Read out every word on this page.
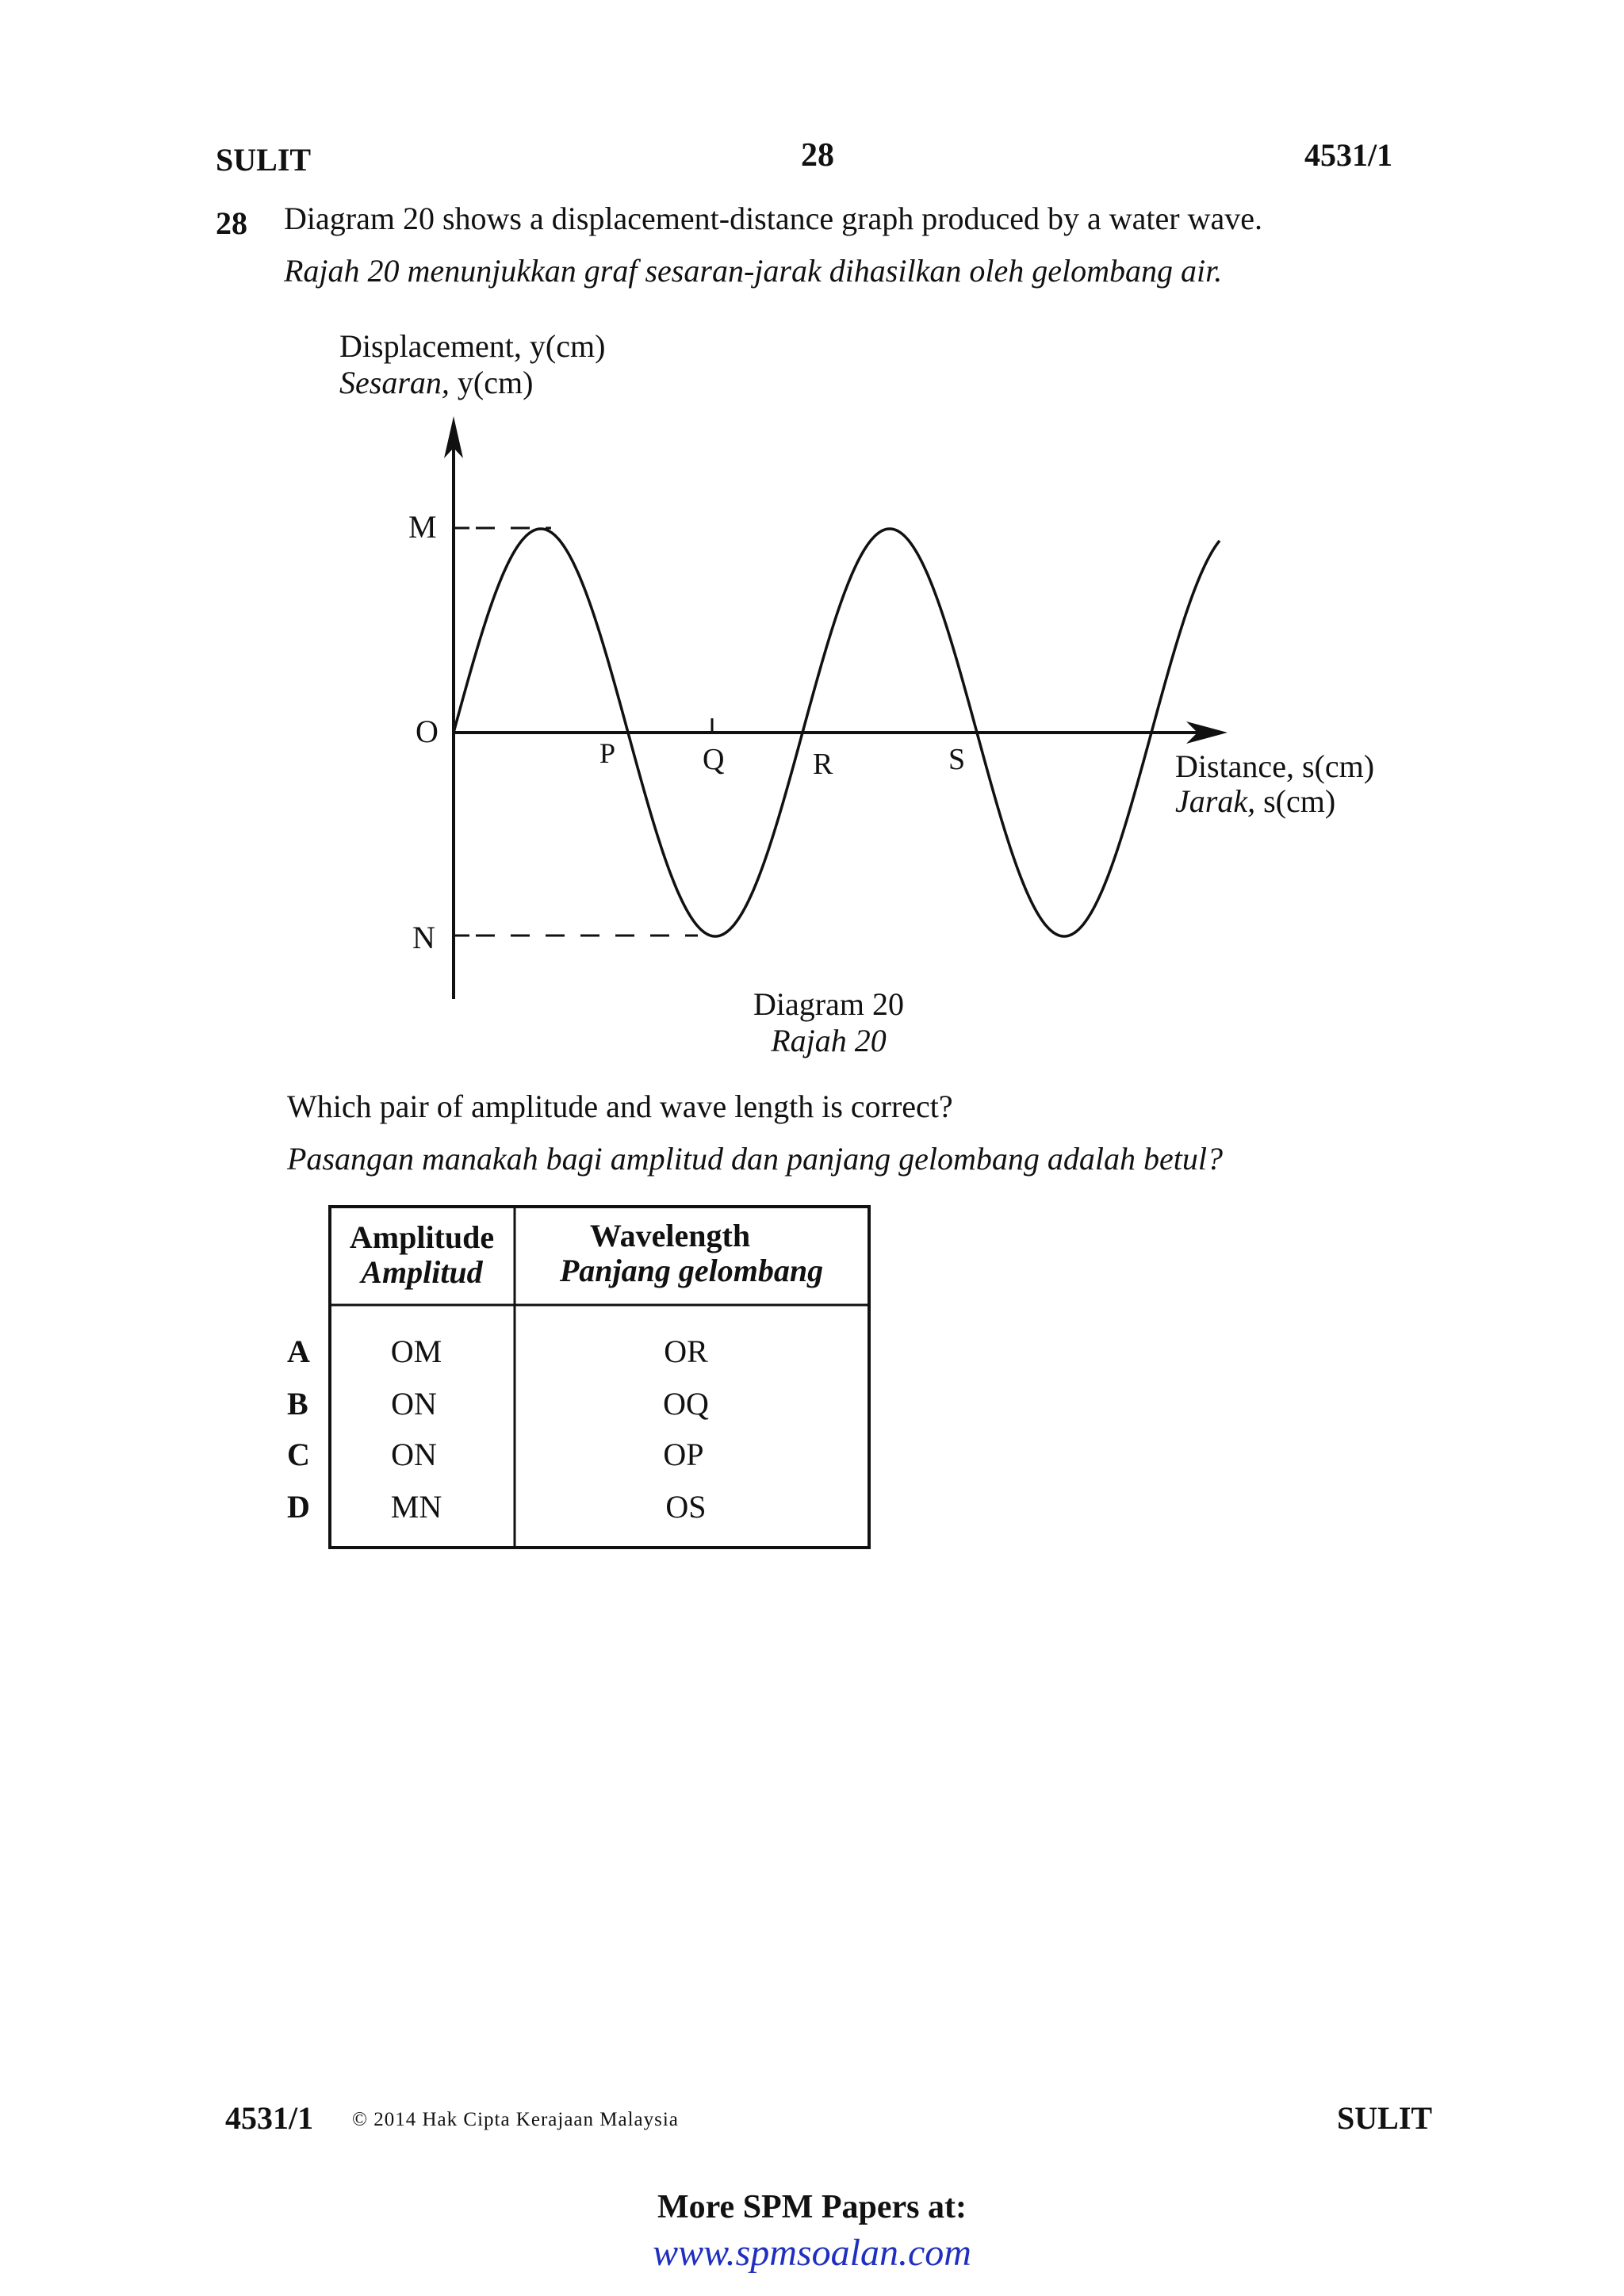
SULIT	28	4531/1
28 Diagram 20 shows a displacement-distance graph produced by a water wave.
Rajah 20 menunjukkan graf sesaran-jarak dihasilkan oleh gelombang air.
Displacement, y(cm)
Sesaran, y(cm)
M
O
N
P	Q	R	S	Distance, s(cm)
Jarak, s(cm)
Diagram 20
Rajah 20
Which pair of amplitude and wave length is correct?
Pasangan manakah bagi amplitud dan panjang gelombang adalah betul?
Amplitude
Amplitud
Wavelength
Panjang gelombang
A	OM	OR
B	ON	OQ
C	ON	OP
D	MN	OS
4531/1 © 2014 Hak Cipta Kerajaan Malaysia	SULIT
More SPM Papers at:
www.spmsoalan.com
